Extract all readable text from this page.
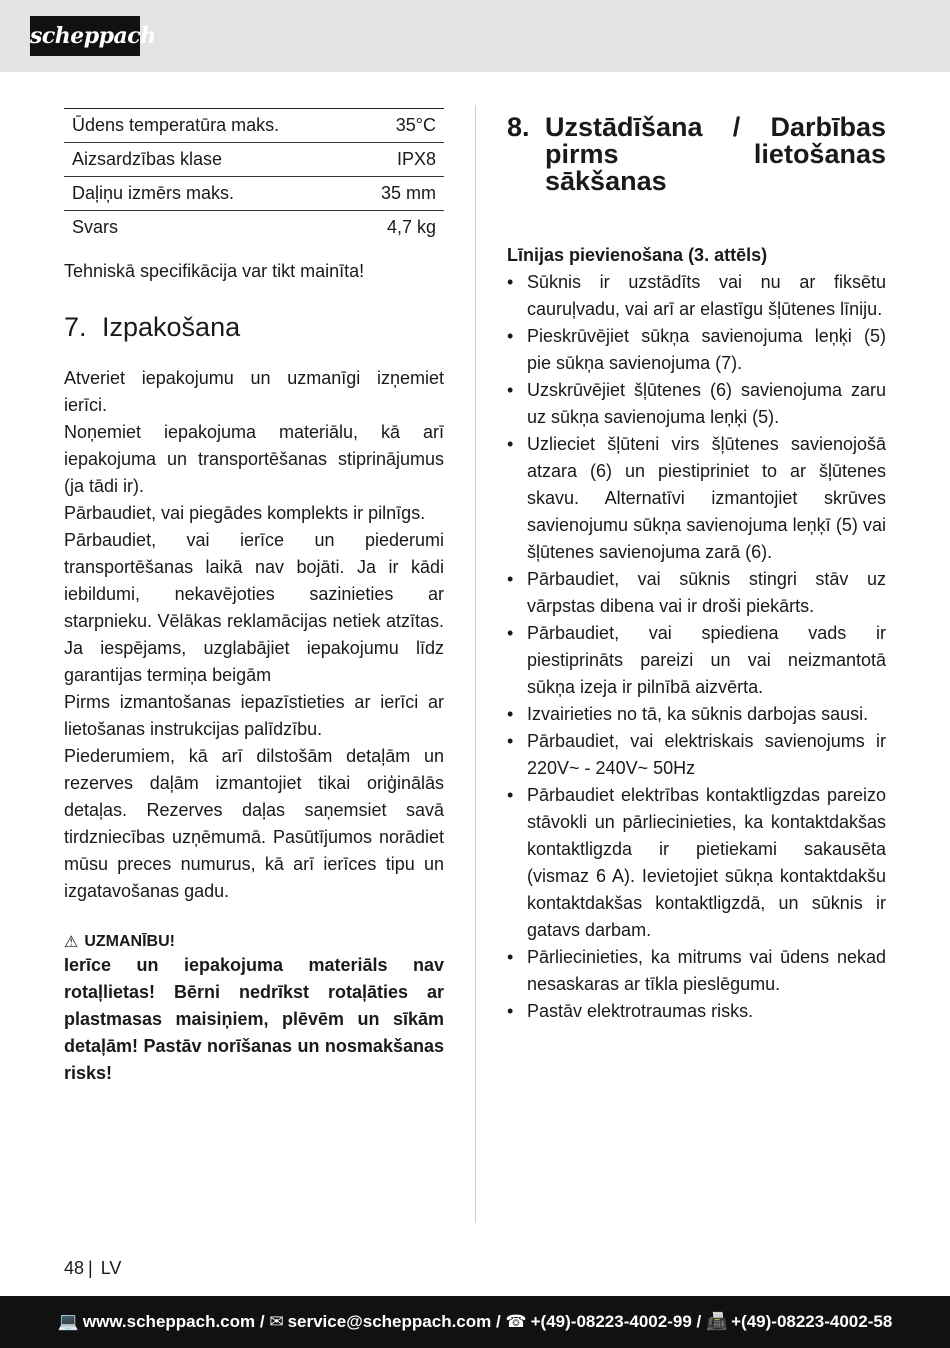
scheppach
Ūdens temperatūra maks.	35°C
Aizsardzības klase	IPX8
Daļiņu izmērs maks.	35 mm
Svars	4,7 kg
Tehniskā specifikācija var tikt mainīta!
7. Izpakošana

Atveriet iepakojumu un uzmanīgi izņemiet ierīci.

Noņemiet iepakojuma materiālu, kā arī iepakojuma un transportēšanas stiprinājumus (ja tādi ir).

Pārbaudiet, vai piegādes komplekts ir pilnīgs.

Pārbaudiet, vai ierīce un piederumi transportēšanas laikā nav bojāti. Ja ir kādi iebildumi, nekavējoties sazinieties ar starpnieku. Vēlākas reklamācijas netiek atzītas. Ja iespējams, uzglabājiet iepakojumu līdz garantijas termiņa beigām

Pirms izmantošanas iepazīstieties ar ierīci ar lietošanas instrukcijas palīdzību.

Piederumiem, kā arī dilstošām detaļām un rezerves daļām izmantojiet tikai oriģinālās detaļas. Rezerves daļas saņemsiet savā tirdzniecības uzņēmumā. Pasūtījumos norādiet mūsu preces numurus, kā arī ierīces tipu un izgatavošanas gadu.

⚠ UZMANĪBU!

Ierīce un iepakojuma materiāls nav rotaļlietas! Bērni nedrīkst rotaļāties ar plastmasas maisiņiem, plēvēm un sīkām detaļām! Pastāv norīšanas un nosmakšanas risks!

8. Uzstādīšana / Darbības pirms lietošanas sākšanas
Līnijas pievienošana (3. attēls)
• Sūknis ir uzstādīts vai nu ar fiksētu cauruļvadu, vai arī ar elastīgu šļūtenes līniju.
• Pieskrūvējiet sūkņa savienojuma leņķi (5) pie sūkņa savienojuma (7).
• Uzskrūvējiet šļūtenes (6) savienojuma zaru uz sūkņa savienojuma leņķi (5).
• Uzlieciet šļūteni virs šļūtenes savienojošā atzara (6) un piestipriniet to ar šļūtenes skavu. Alternatīvi izmantojiet skrūves savienojumu sūkņa savienojuma leņķī (5) vai šļūtenes savienojuma zarā (6).
• Pārbaudiet, vai sūknis stingri stāv uz vārpstas dibena vai ir droši piekārts.
• Pārbaudiet, vai spiediena vads ir piestiprināts pareizi un vai neizmantotā sūkņa izeja ir pilnībā aizvērta.
• Izvairieties no tā, ka sūknis darbojas sausi.
• Pārbaudiet, vai elektriskais savienojums ir 220V~ - 240V~ 50Hz
• Pārbaudiet elektrības kontaktligzdas pareizo stāvokli un pārliecinieties, ka kontaktdakšas kontaktligzda ir pietiekami sakausēta (vismaz 6 A). Ievietojiet sūkņa kontaktdakšu kontaktdakšas kontaktligzdā, un sūknis ir gatavs darbam.
• Pārliecinieties, ka mitrums vai ūdens nekad nesaskaras ar tīkla pieslēgumu.
• Pastāv elektrotraumas risks.
48 | LV
💻 www.scheppach.com /
✉ service@scheppach.com /
☎ +(49)-08223-4002-99 /
📠 +(49)-08223-4002-58
